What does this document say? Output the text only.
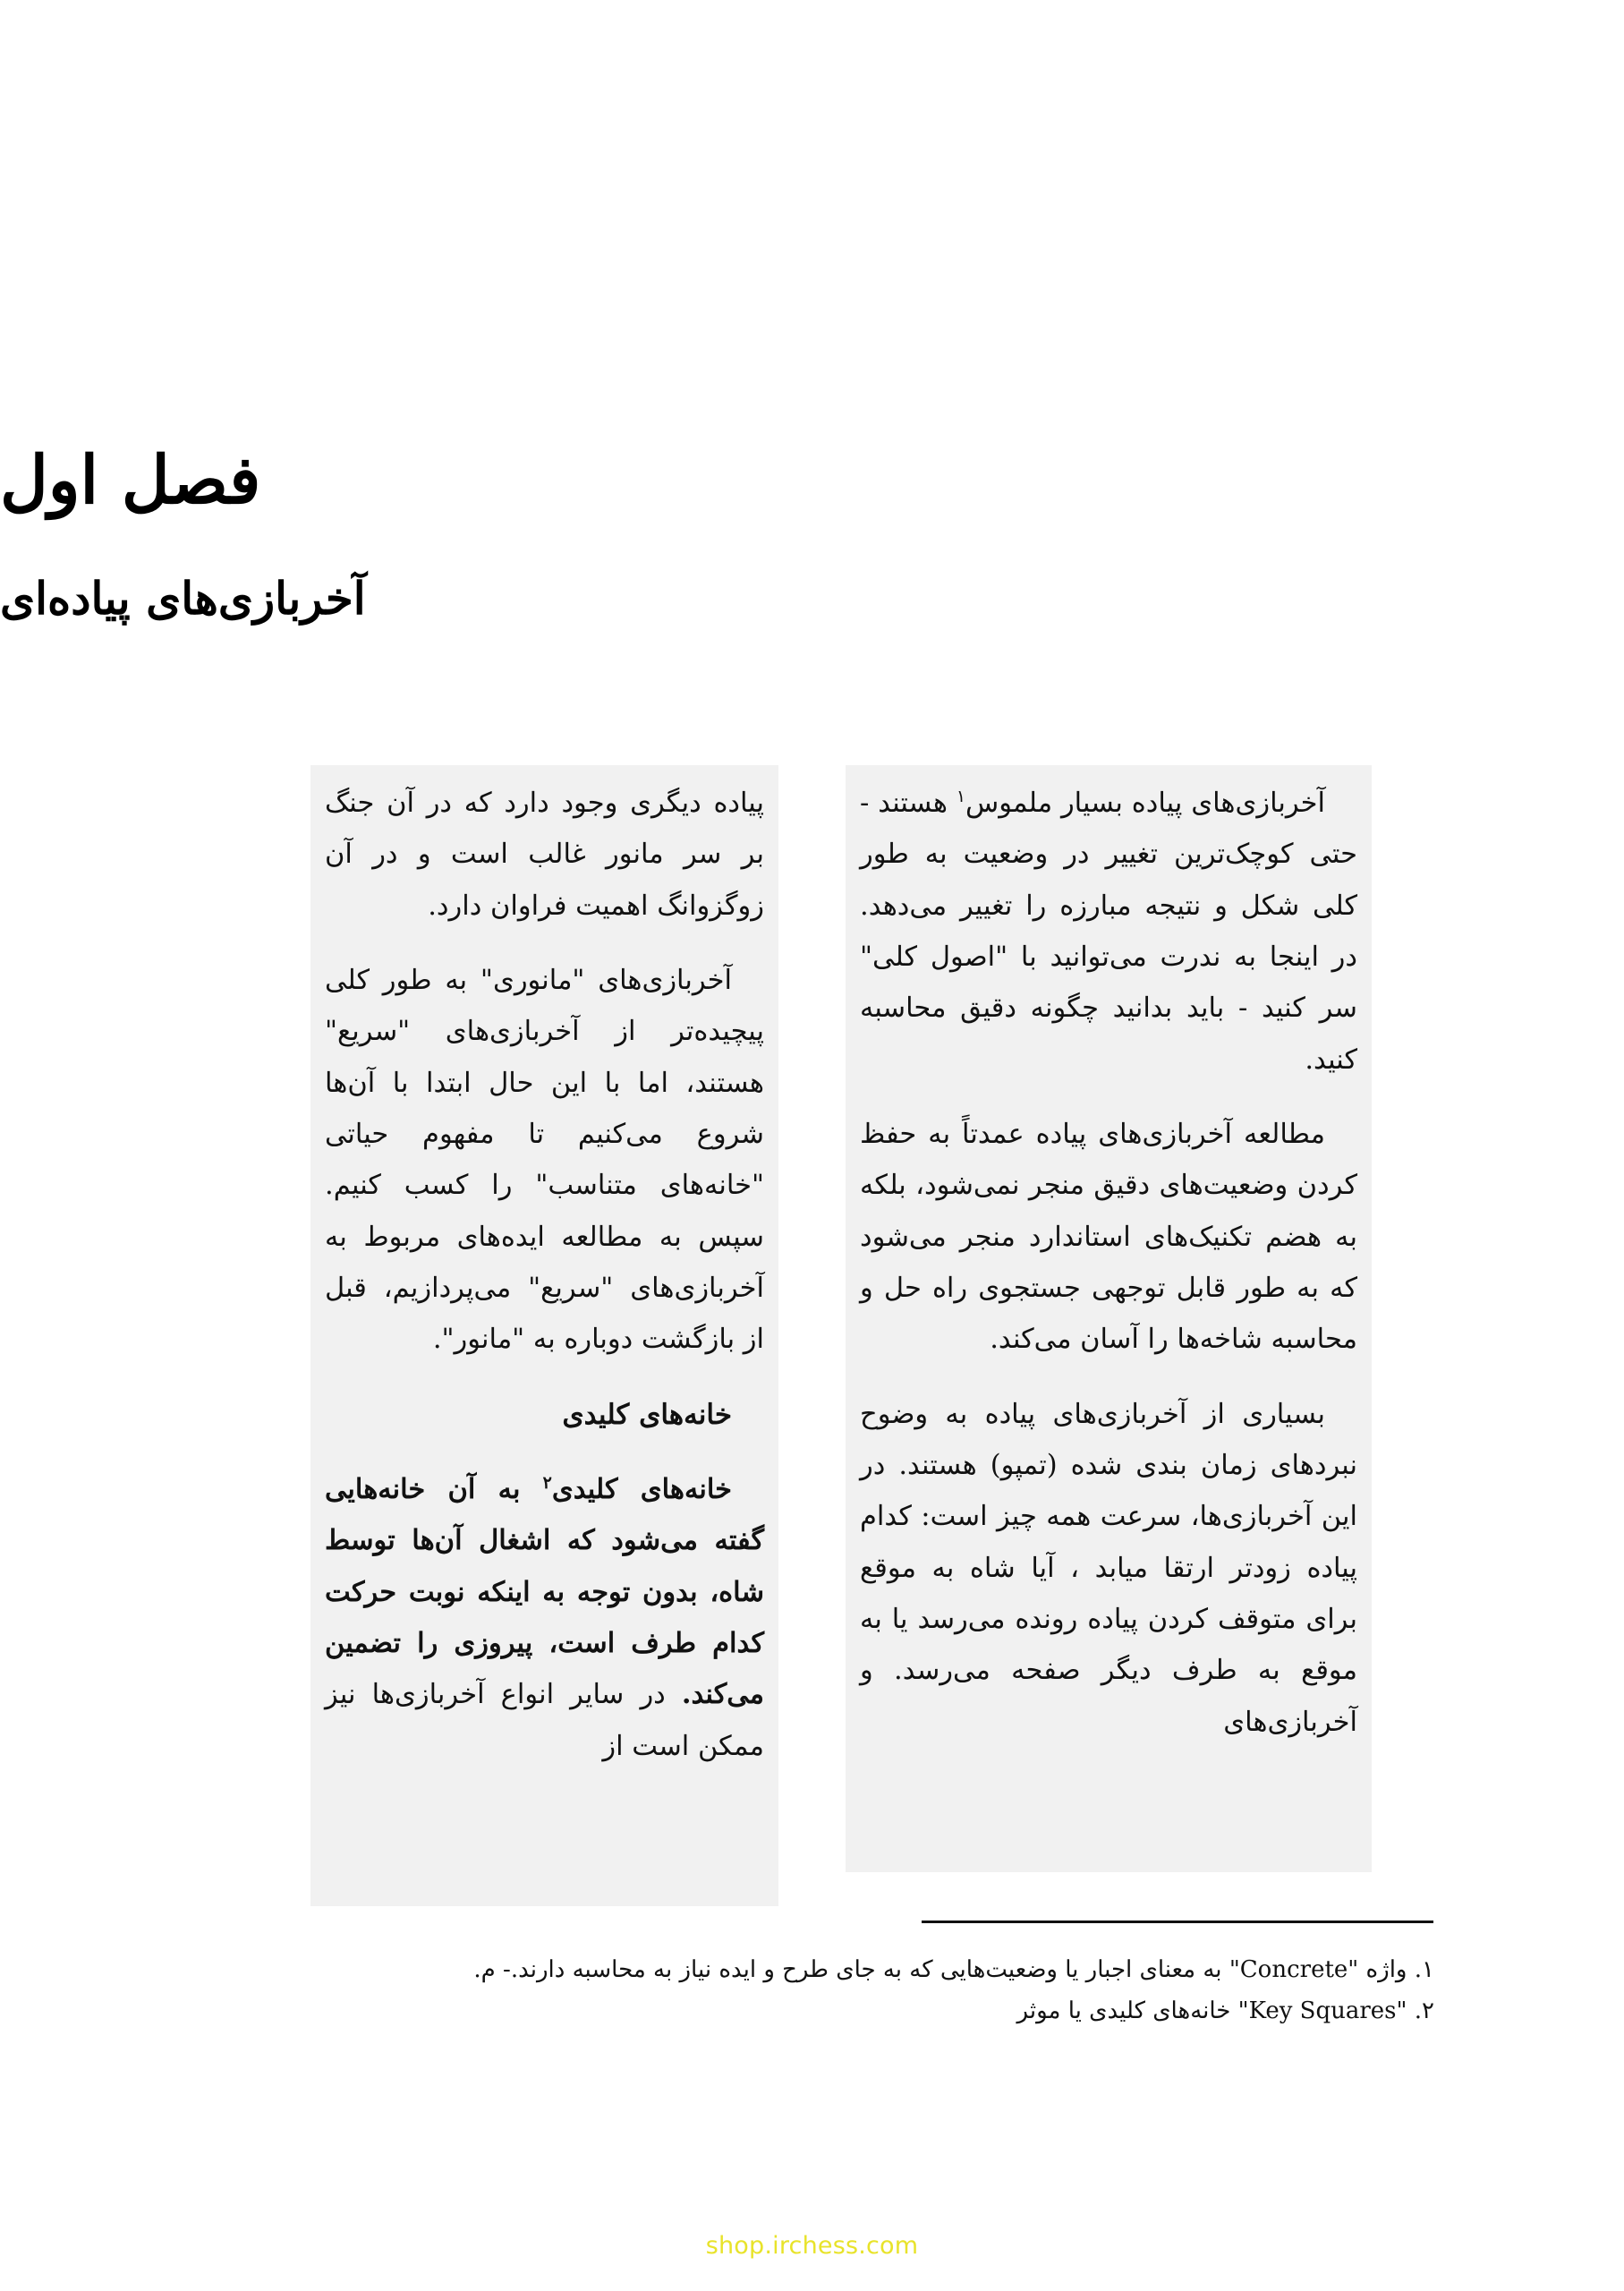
فصل اول
آخربازی‌های پیاده‌ای

آخربازی‌های پیاده بسیار ملموس$^۱$ هستند - حتی کوچک‌ترین تغییر در وضعیت به طور کلی شکل و نتیجه مبارزه را تغییر می‌دهد. در اینجا به ندرت می‌توانید با "اصول کلی" سر کنید - باید بدانید چگونه دقیق محاسبه کنید.

مطالعه آخربازی‌های پیاده عمدتاً به حفظ کردن وضعیت‌های دقیق منجر نمی‌شود، بلکه به هضم تکنیک‌های استاندارد منجر می‌شود که به طور قابل توجهی جستجوی راه حل و محاسبه شاخه‌ها را آسان می‌کند.

بسیاری از آخربازی‌های پیاده به وضوح نبردهای زمان بندی شده (تمپو) هستند. در این آخربازی‌ها، سرعت همه چیز است: کدام پیاده زودتر ارتقا میابد ، آیا شاه به موقع برای متوقف کردن پیاده رونده می‌رسد یا به موقع به طرف دیگر صفحه می‌رسد. و آخربازی‌های

پیاده دیگری وجود دارد که در آن جنگ بر سر مانور غالب است و در آن زوگزوانگ اهمیت فراوان دارد.

آخربازی‌های "مانوری" به طور کلی پیچیده‌تر از آخربازی‌های "سریع" هستند، اما با این حال ابتدا با آن‌ها شروع می‌کنیم تا مفهوم حیاتی "خانه‌های متناسب" را کسب کنیم. سپس به مطالعه ایده‌های مربوط به آخربازی‌های "سریع" می‌پردازیم، قبل از بازگشت دوباره به "مانور".

خانه‌های کلیدی

خانه‌های کلیدی$^۲$ به آن خانه‌هایی گفته می‌شود که اشغال آن‌ها توسط شاه، بدون توجه به اینکه نوبت حرکت کدام طرف است، پیروزی را تضمین می‌کند. در سایر انواع آخربازی‌ها نیز ممکن است از

۱. واژه "Concrete" به معنای اجبار یا وضعیت‌هایی که به جای طرح و ایده نیاز به محاسبه دارند.- م.
۲. "Key Squares" خانه‌های کلیدی یا موثر
shop.irchess.com
